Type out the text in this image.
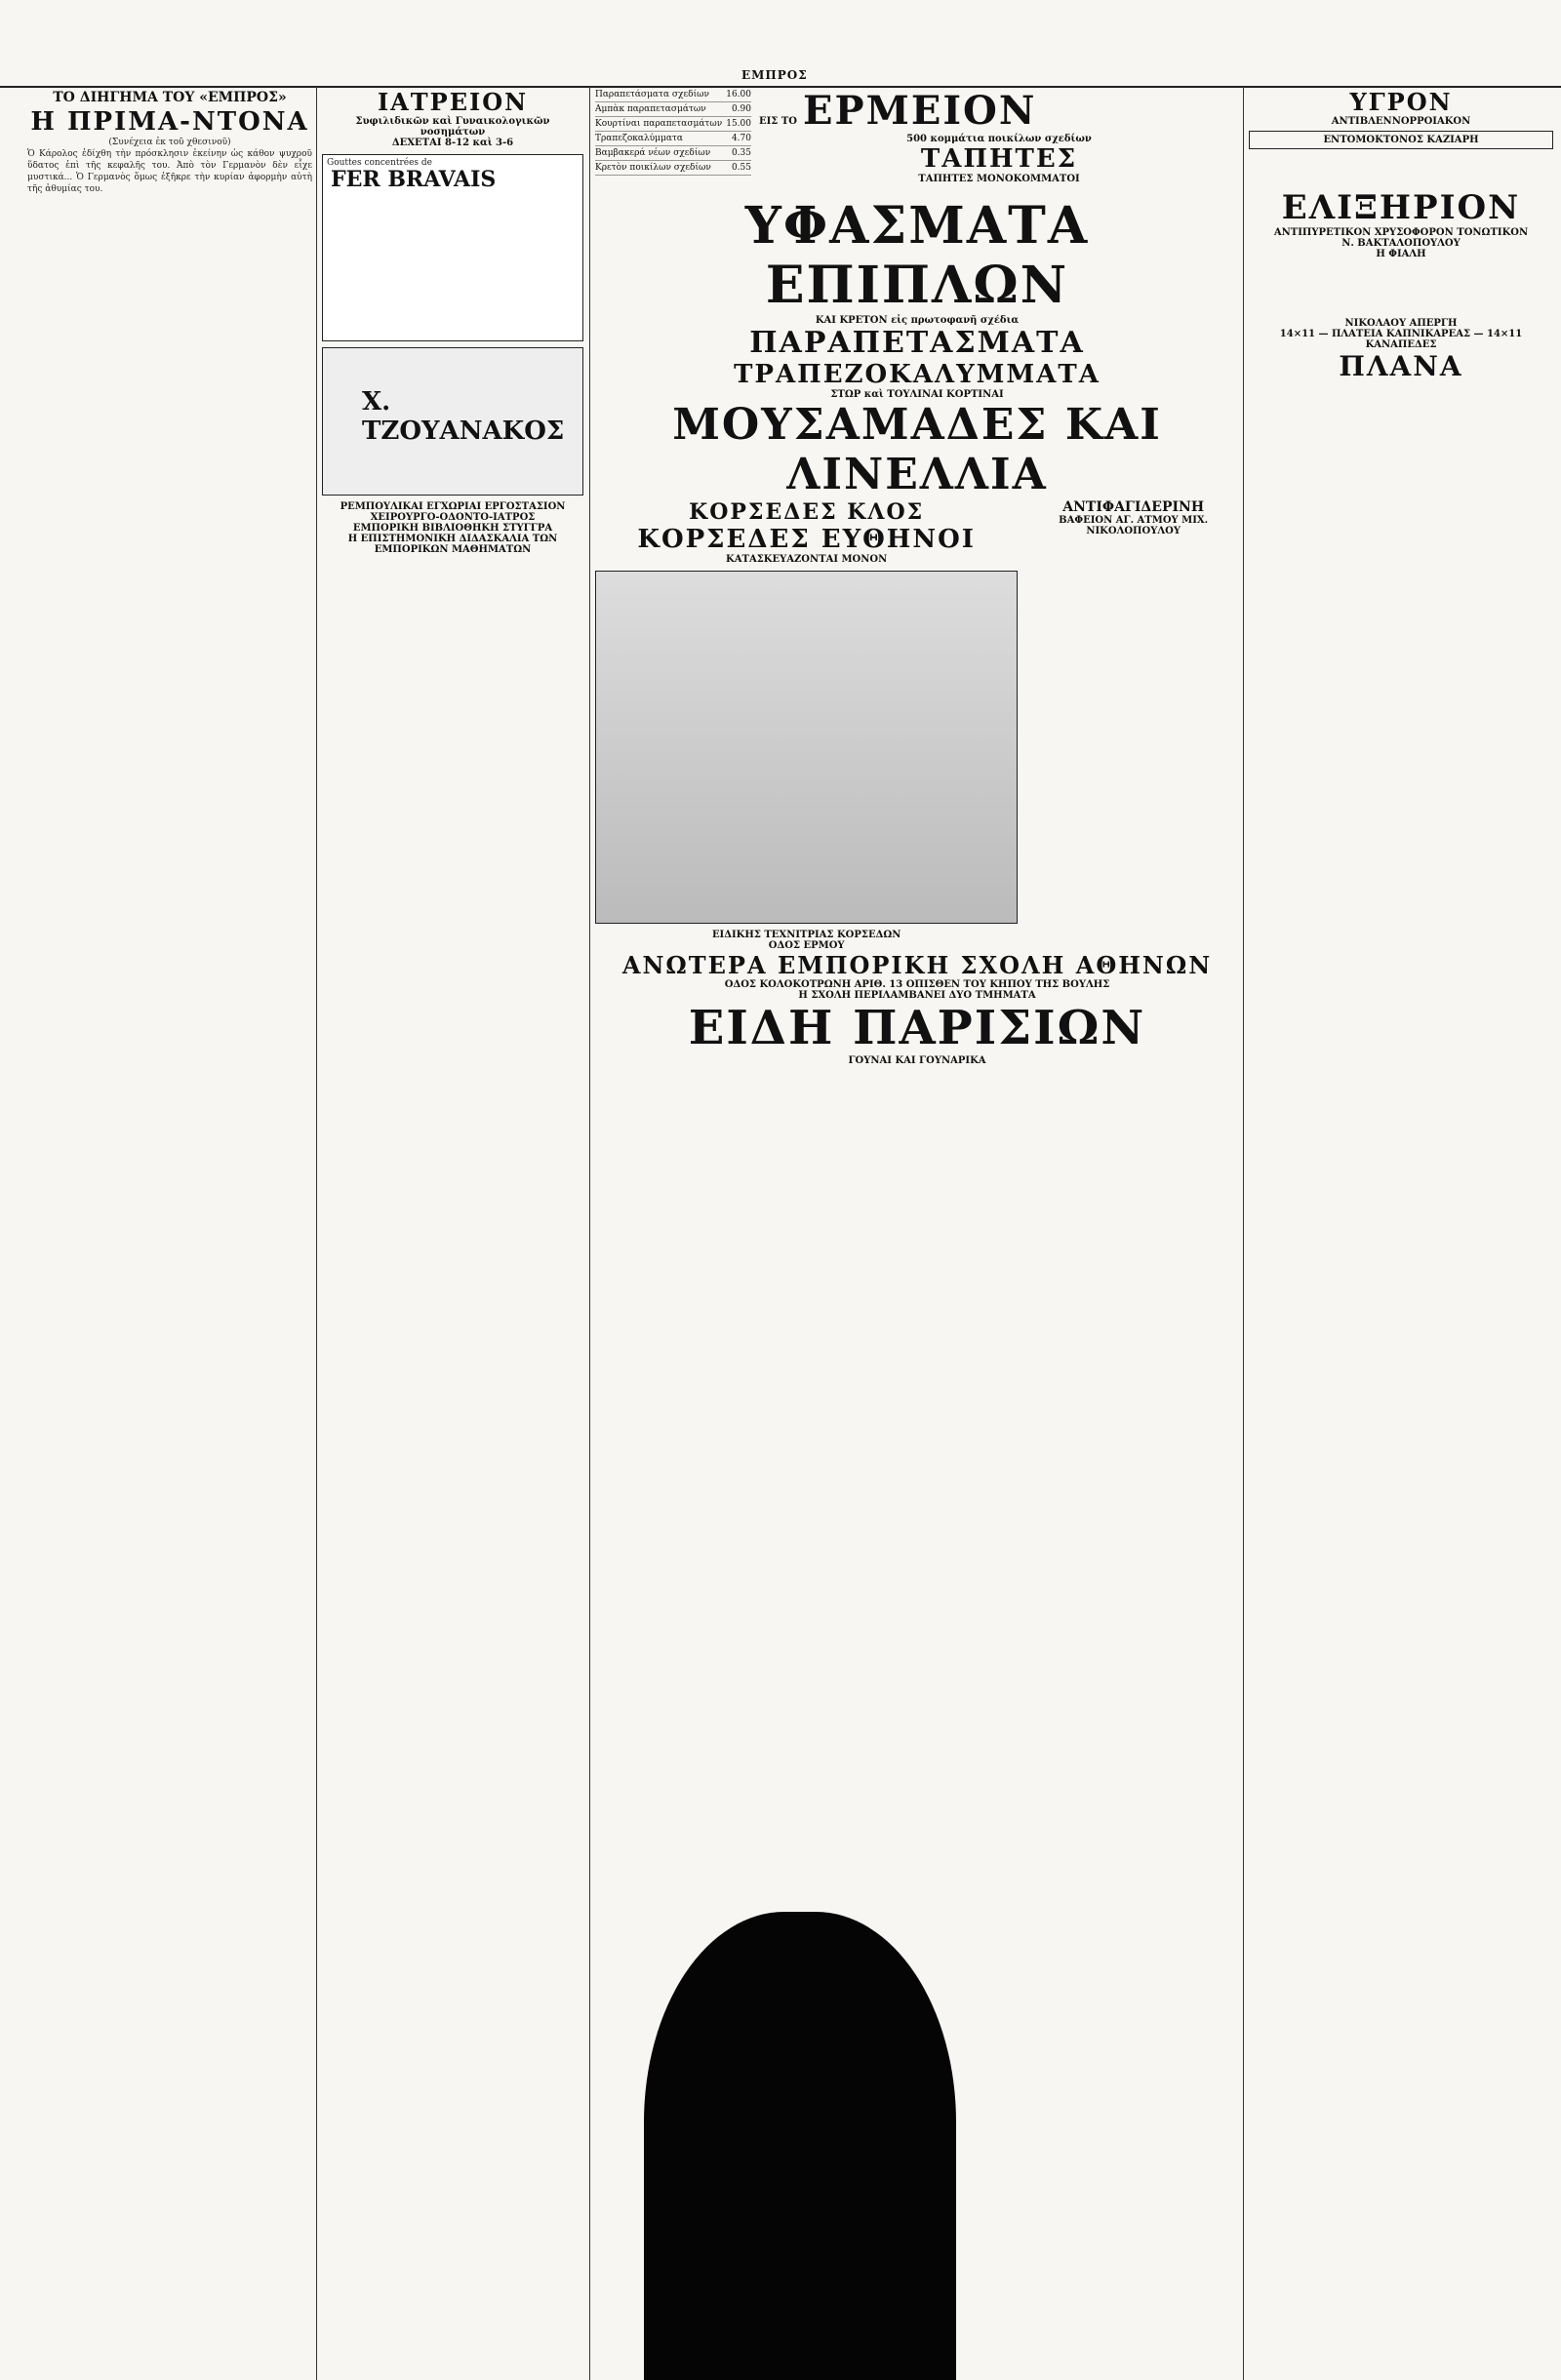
ΕΜΠΡΟΣ
ΤΟ ΔΙΗΓΗΜΑ ΤΟΥ «ΕΜΠΡΟΣ»
Η ΠΡΙΜΑ-ΝΤΟΝΑ
(Συνέχεια ἐκ τοῦ χθεσινοῦ)
Ὁ Κάρολος ἐδίχθη τὴν πρόσκλησιν ἐκείνην ὡς κάθον ψυχροῦ ὕδατος ἐπὶ τῆς κεφαλῆς του. Ἀπὸ τὸν Γερμανὸν δὲν εἶχε μυστικά... Ὁ Γερμανὸς ὅμως ἐξῆκρε τὴν κυρίαν ἀφορμὴν αὐτὴ τῆς ἀθυμίας του.
ΙΑΤΡΕΙΟΝ
Συφιλιδικῶν καὶ Γυναικολογικῶν νοσημάτων
ΔΕΧΕΤΑΙ 8-12 καὶ 3-6
Gouttes concentrées de
FER BRAVAIS
Χ. ΤΖΟΥΑΝΑΚΟΣ
ΡΕΜΠΟΥΛΙΚΑΙ ΕΓΧΩΡΙΑΙ ΕΡΓΟΣΤΑΣΙΟΝ
ΧΕΙΡΟΥΡΓΟ-ΟΔΟΝΤΟ-ΙΑΤΡΟΣ
ΕΜΠΟΡΙΚΗ ΒΙΒΛΙΟΘΗΚΗ ΣΤΥΓΓΡΑ
Η ΕΠΙΣΤΗΜΟΝΙΚΗ ΔΙΔΑΣΚΑΛΙΑ ΤΩΝ ΕΜΠΟΡΙΚΩΝ ΜΑΘΗΜΑΤΩΝ
Παραπετάσματα σχεδίων 16.00
Αμπὰκ παραπετασμάτων	0.90
Κουρτίναι παραπετασμάτων 15.00
Τραπεζοκαλύμματα	4.70
Βαμβακερά νέων σχεδίων 0.35
Κρετὸν ποικίλων σχεδίων 0.55
ΕΙΣ ΤΟ ΕΡΜΕΙΟΝ
500 κομμάτια ποικίλων σχεδίων
ΤΑΠΗΤΕΣ
ΤΑΠΗΤΕΣ ΜΟΝΟΚΟΜΜΑΤΟΙ
ΥΦΑΣΜΑΤΑ ΕΠΙΠΛΩΝ
ΚΑΙ ΚΡΕΤΟΝ εἰς πρωτοφανῆ σχέδια
ΠΑΡΑΠΕΤΑΣΜΑΤΑ
ΤΡΑΠΕΖΟΚΑΛΥΜΜΑΤΑ
ΣΤΩΡ καὶ ΤΟΥΛΙΝΑΙ ΚΟΡΤΙΝΑΙ
ΜΟΥΣΑΜΑΔΕΣ ΚΑΙ ΛΙΝΕΛΛΙΑ
ΚΟΡΣΕΔΕΣ ΚΛΟΣ
ΚΟΡΣΕΔΕΣ ΕΥΘΗΝΟΙ
ΚΑΤΑΣΚΕΥΑΖΟΝΤΑΙ ΜΟΝΟΝ
ΕΙΔΙΚΗΣ ΤΕΧΝΙΤΡΙΑΣ ΚΟΡΣΕΔΩΝ
ΟΔΟΣ ΕΡΜΟΥ
ΑΝΤΙΦΑΓΙΔΕΡΙΝΗ
ΒΑΦΕΙΟΝ ΑΓ. ΑΤΜΟΥ ΜΙΧ. ΝΙΚΟΛΟΠΟΥΛΟΥ
ΑΝΩΤΕΡΑ ΕΜΠΟΡΙΚΗ ΣΧΟΛΗ ΑΘΗΝΩΝ
ΟΔΟΣ ΚΟΛΟΚΟΤΡΩΝΗ ΑΡΙΘ. 13 ΟΠΙΣΘΕΝ ΤΟΥ ΚΗΠΟΥ ΤΗΣ ΒΟΥΛΗΣ
Η ΣΧΟΛΗ ΠΕΡΙΛΑΜΒΑΝΕΙ ΔΥΟ ΤΜΗΜΑΤΑ
ΕΙΔΗ ΠΑΡΙΣΙΩΝ
ΓΟΥΝΑΙ ΚΑΙ ΓΟΥΝΑΡΙΚΑ
ΥΓΡΟΝ
ΑΝΤΙΒΛΕΝΝΟΡΡΟΙΑΚΟΝ
ΕΝΤΟΜΟΚΤΟΝΟΣ ΚΑΖΙΑΡΗ
ΕΛΙΞΗΡΙΟΝ
ΑΝΤΙΠΥΡΕΤΙΚΟΝ ΧΡΥΣΟΦΟΡΟΝ ΤΟΝΩΤΙΚΟΝ
Ν. ΒΑΚΤΑΛΟΠΟΥΛΟΥ
Η ΦΙΑΛΗ
ΝΙΚΟΛΑΟΥ ΑΠΕΡΓΗ
14×11 — ΠΛΑΤΕΙΑ ΚΑΠΝΙΚΑΡΕΑΣ — 14×11
ΚΑΝΑΠΕΔΕΣ
ΠΛΑΝΑ
